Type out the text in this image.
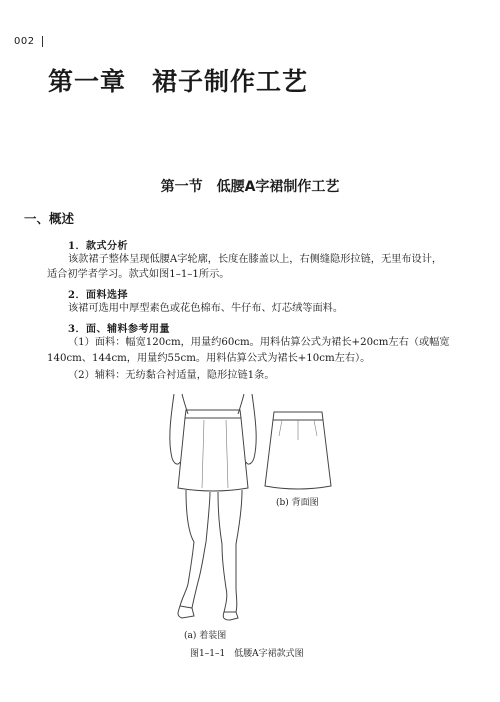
002
第一章　裙子制作工艺
第一节　低腰A字裙制作工艺
一、概述
1．款式分析
该款裙子整体呈现低腰A字轮廓，长度在膝盖以上，右侧缝隐形拉链，无里布设计，
适合初学者学习。款式如图1–1–1所示。
2．面料选择
该裙可选用中厚型素色或花色棉布、牛仔布、灯芯绒等面料。
3．面、辅料参考用量
（1）面料：幅宽120cm，用量约60cm。用料估算公式为裙长+20cm左右（或幅宽
140cm、144cm，用量约55cm。用料估算公式为裙长+10cm左右）。
（2）辅料：无纺黏合衬适量，隐形拉链1条。
(b) 背面图
(a) 着装图
图1–1–1　低腰A字裙款式图
